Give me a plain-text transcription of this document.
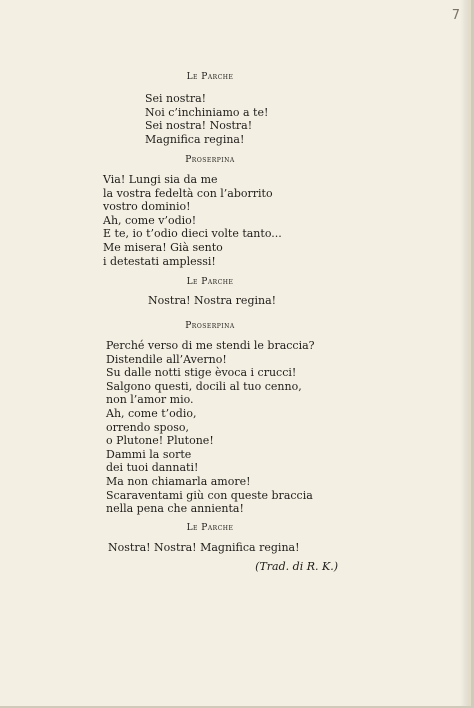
7
Le Parche
Sei nostra!
Noi c’inchiniamo a te!
Sei nostra! Nostra!
Magnifica regina!
Proserpina
Via! Lungi sia da me
la vostra fedeltà con l’aborrito
vostro dominio!
Ah, come v’odio!
E te, io t’odio dieci volte tanto...
Me misera! Già sento
i detestati amplessi!
Le Parche
Nostra! Nostra regina!
Proserpina
Perché verso di me stendi le braccia?
Distendile all’Averno!
Su dalle notti stige èvoca i crucci!
Salgono questi, docili al tuo cenno,
non l’amor mio.
Ah, come t’odio,
orrendo sposo,
o Plutone! Plutone!
Dammi la sorte
dei tuoi dannati!
Ma non chiamarla amore!
Scaraventami giù con queste braccia
nella pena che annienta!
Le Parche
Nostra! Nostra! Magnifica regina!
(Trad. di R. K.)
